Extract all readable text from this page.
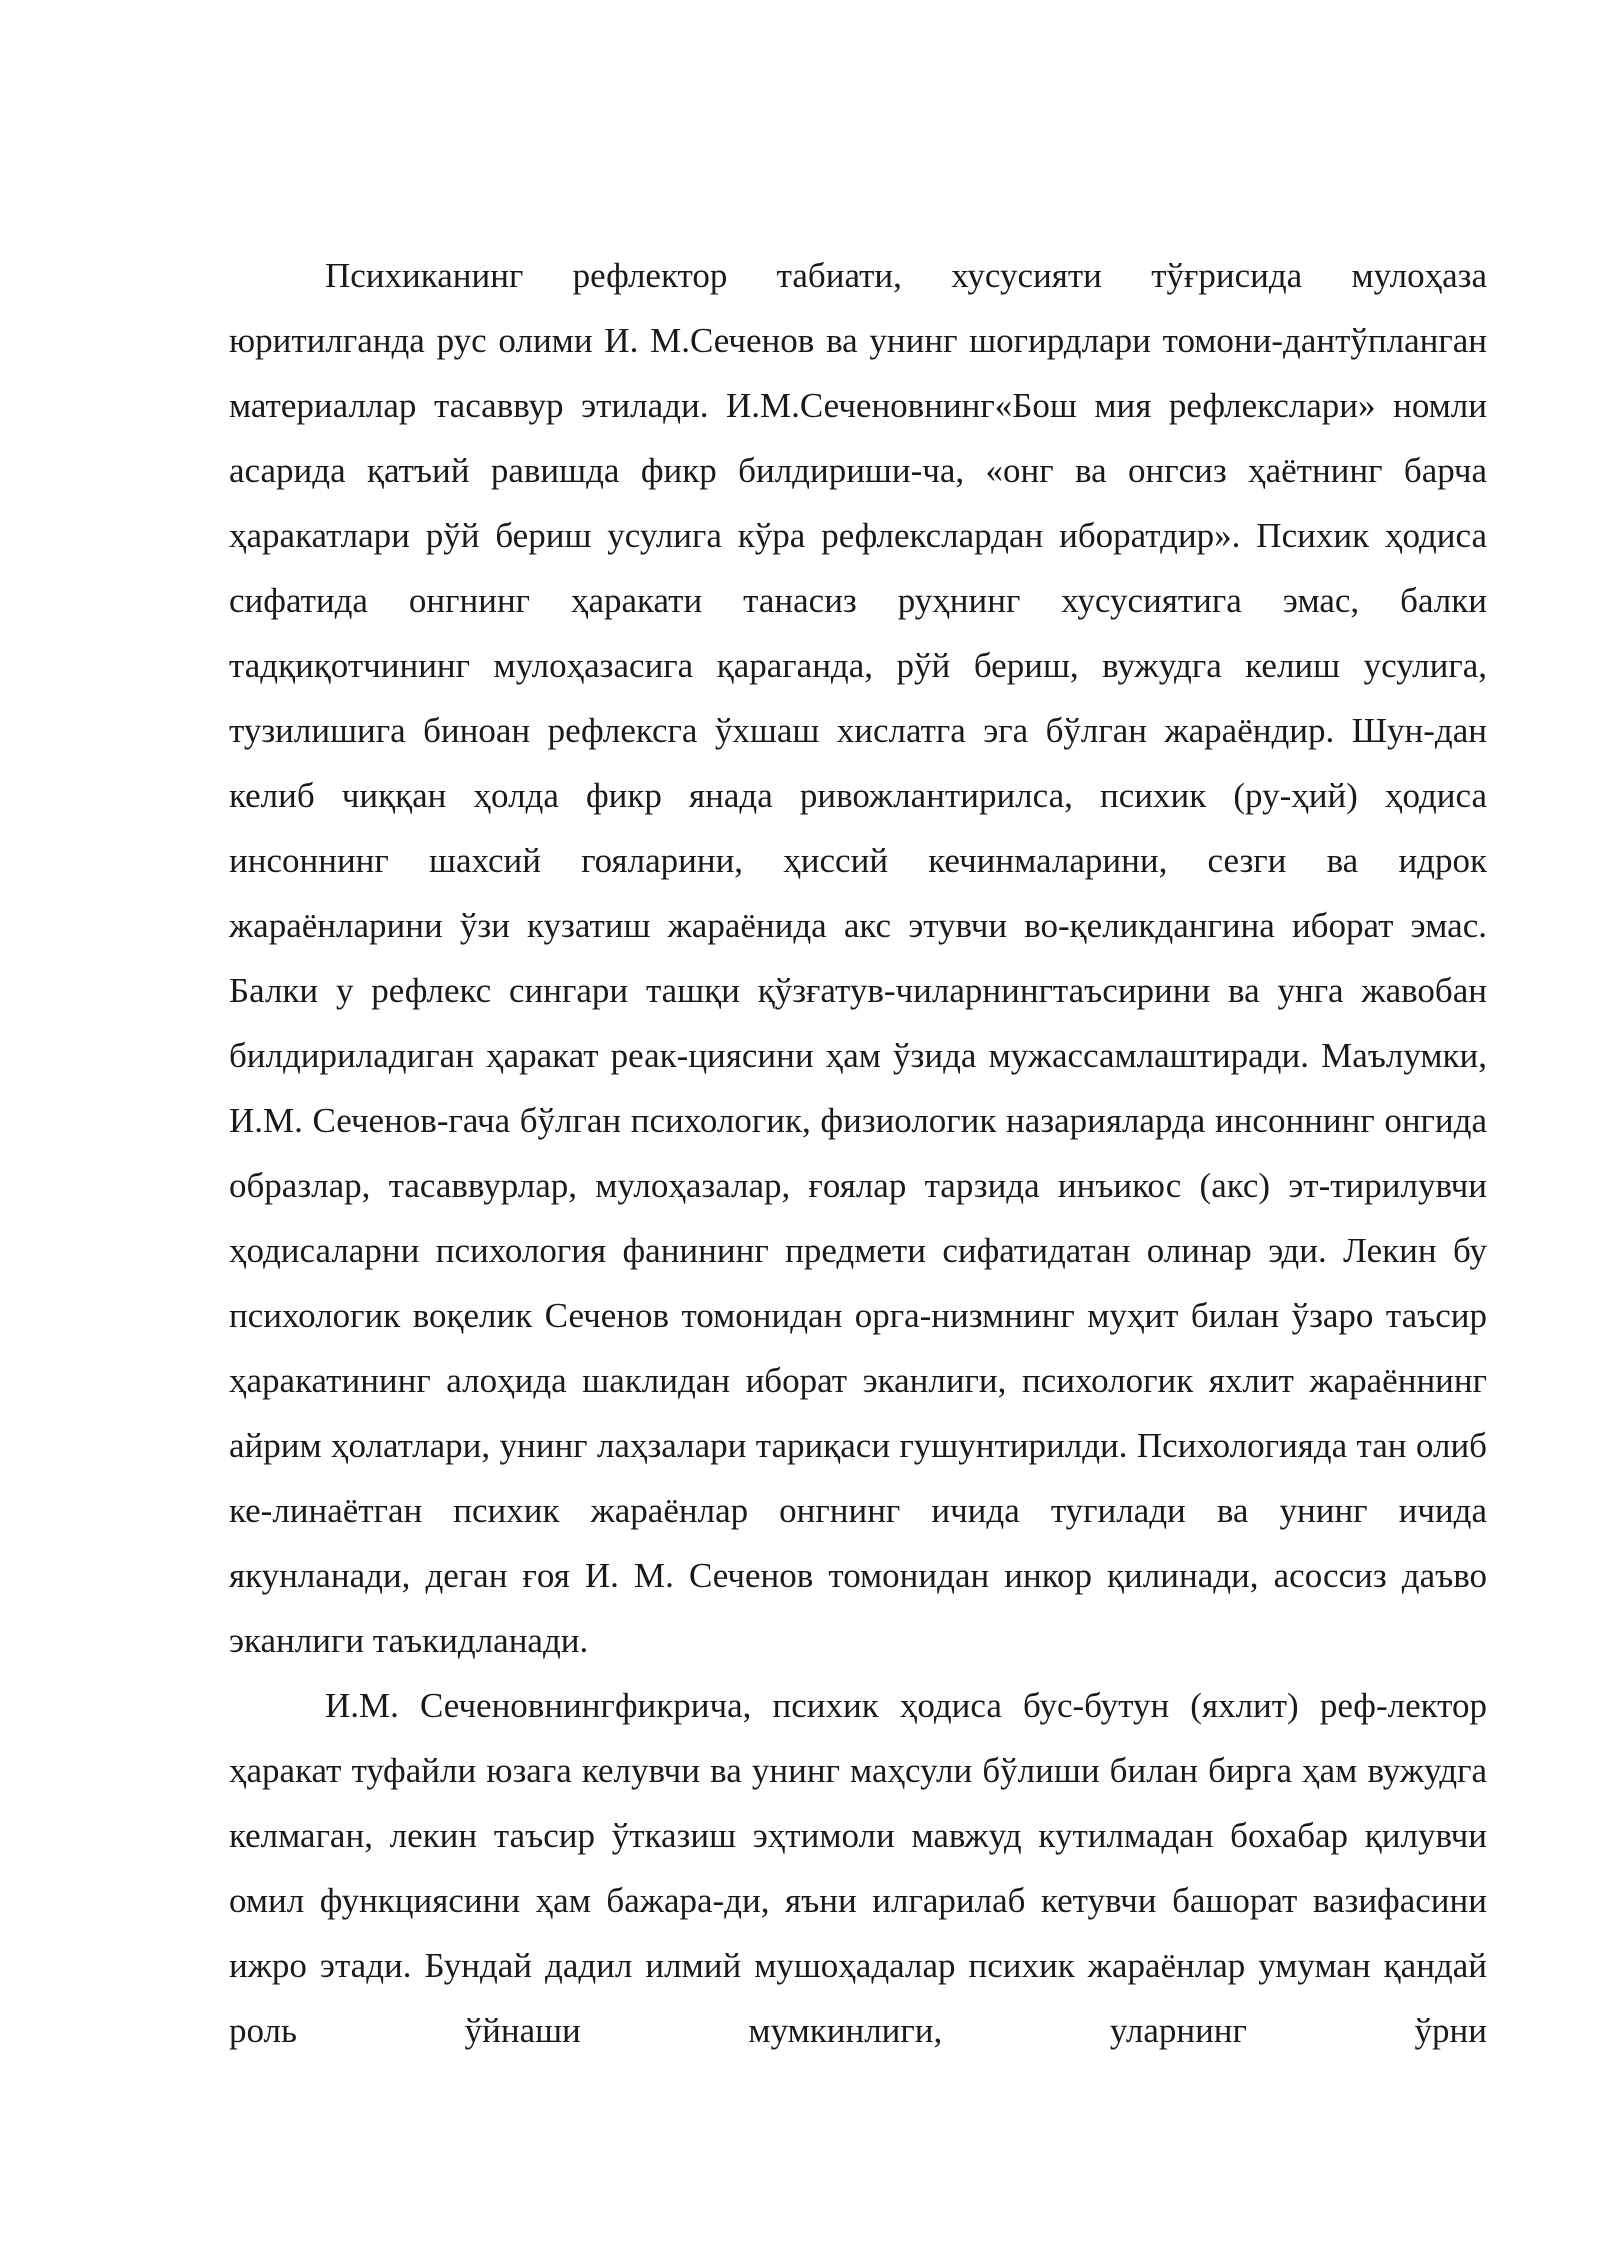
Психиканинг рефлектор табиати, хусусияти тўғрисида мулоҳаза юритилганда рус олими И. М.Сеченов ва унинг шогирдлари томони-дантўпланган материаллар тасаввур этилади. И.М.Сеченовнинг«Бош мия рефлекслари» номли асарида қатъий равишда фикр билдириши-ча, «онг ва онгсиз ҳаётнинг барча ҳаракатлари рўй бериш усулига кўра рефлекслардан иборатдир». Психик ҳодиса сифатида онгнинг ҳаракати танасиз руҳнинг хусусиятига эмас, балки тадқиқотчининг мулоҳазасига қараганда, рўй бериш, вужудга келиш усулига, тузилишига биноан рефлексга ўхшаш хислатга эга бўлган жараёндир. Шун-дан келиб чиққан ҳолда фикр янада ривожлантирилса, психик (ру-ҳий) ҳодиса инсоннинг шахсий гояларини, ҳиссий кечинмаларини, сезги ва идрок жараёнларини ўзи кузатиш жараёнида акс этувчи во-қеликдангина иборат эмас. Балки у рефлекс сингари ташқи қўзғатув-чиларнингтаъсирини ва унга жавобан билдириладиган ҳаракат реак-циясини ҳам ўзида мужассамлаштиради. Маълумки, И.М. Сеченов-гача бўлган психологик, физиологик назарияларда инсоннинг онгида образлар, тасаввурлар, мулоҳазалар, ғоялар тарзида инъикос (акс) эт-тирилувчи ҳодисаларни психология фанининг предмети сифатидатан олинар эди. Лекин бу психологик воқелик Сеченов томонидан орга-низмнинг муҳит билан ўзаро таъсир ҳаракатининг алоҳида шаклидан иборат эканлиги, психологик яхлит жараённинг айрим ҳолатлари, унинг лаҳзалари тариқаси гушунтирилди. Психологияда тан олиб ке-линаётган психик жараёнлар онгнинг ичида тугилади ва унинг ичида якунланади, деган ғоя И. М. Сеченов томонидан инкор қилинади, асоссиз даъво эканлиги таъкидланади.

И.М. Сеченовнингфикрича, психик ҳодиса бус-бутун (яхлит) реф-лектор ҳаракат туфайли юзага келувчи ва унинг маҳсули бўлиши билан бирга ҳам вужудга келмаган, лекин таъсир ўтказиш эҳтимоли мавжуд кутилмадан бохабар қилувчи омил функциясини ҳам бажара-ди, яъни илгарилаб кетувчи башорат вазифасини ижро этади. Бундай дадил илмий мушоҳадалар психик жараёнлар умуман қандай роль ўйнаши мумкинлиги, уларнинг ўрни
